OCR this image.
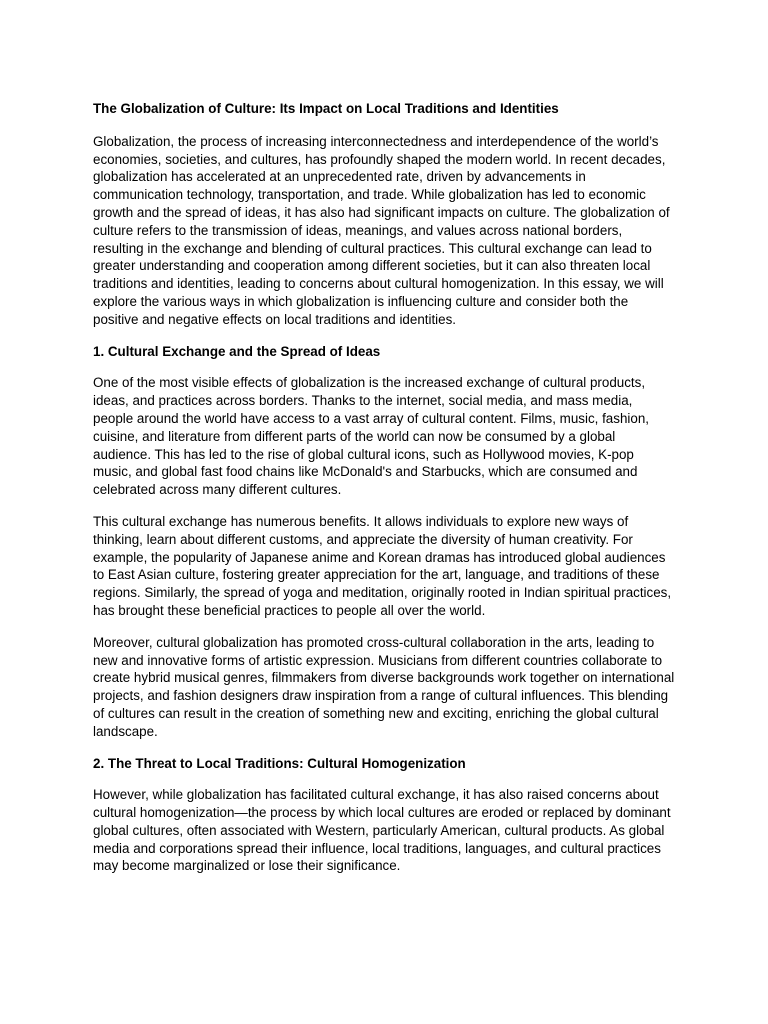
The Globalization of Culture: Its Impact on Local Traditions and Identities

Globalization, the process of increasing interconnectedness and interdependence of the world’s economies, societies, and cultures, has profoundly shaped the modern world. In recent decades, globalization has accelerated at an unprecedented rate, driven by advancements in communication technology, transportation, and trade. While globalization has led to economic growth and the spread of ideas, it has also had significant impacts on culture. The globalization of culture refers to the transmission of ideas, meanings, and values across national borders, resulting in the exchange and blending of cultural practices. This cultural exchange can lead to greater understanding and cooperation among different societies, but it can also threaten local traditions and identities, leading to concerns about cultural homogenization. In this essay, we will explore the various ways in which globalization is influencing culture and consider both the positive and negative effects on local traditions and identities.

1. Cultural Exchange and the Spread of Ideas

One of the most visible effects of globalization is the increased exchange of cultural products, ideas, and practices across borders. Thanks to the internet, social media, and mass media, people around the world have access to a vast array of cultural content. Films, music, fashion, cuisine, and literature from different parts of the world can now be consumed by a global audience. This has led to the rise of global cultural icons, such as Hollywood movies, K-pop music, and global fast food chains like McDonald's and Starbucks, which are consumed and celebrated across many different cultures.

This cultural exchange has numerous benefits. It allows individuals to explore new ways of thinking, learn about different customs, and appreciate the diversity of human creativity. For example, the popularity of Japanese anime and Korean dramas has introduced global audiences to East Asian culture, fostering greater appreciation for the art, language, and traditions of these regions. Similarly, the spread of yoga and meditation, originally rooted in Indian spiritual practices, has brought these beneficial practices to people all over the world.

Moreover, cultural globalization has promoted cross-cultural collaboration in the arts, leading to new and innovative forms of artistic expression. Musicians from different countries collaborate to create hybrid musical genres, filmmakers from diverse backgrounds work together on international projects, and fashion designers draw inspiration from a range of cultural influences. This blending of cultures can result in the creation of something new and exciting, enriching the global cultural landscape.

2. The Threat to Local Traditions: Cultural Homogenization

However, while globalization has facilitated cultural exchange, it has also raised concerns about cultural homogenization—the process by which local cultures are eroded or replaced by dominant global cultures, often associated with Western, particularly American, cultural products. As global media and corporations spread their influence, local traditions, languages, and cultural practices may become marginalized or lose their significance.
